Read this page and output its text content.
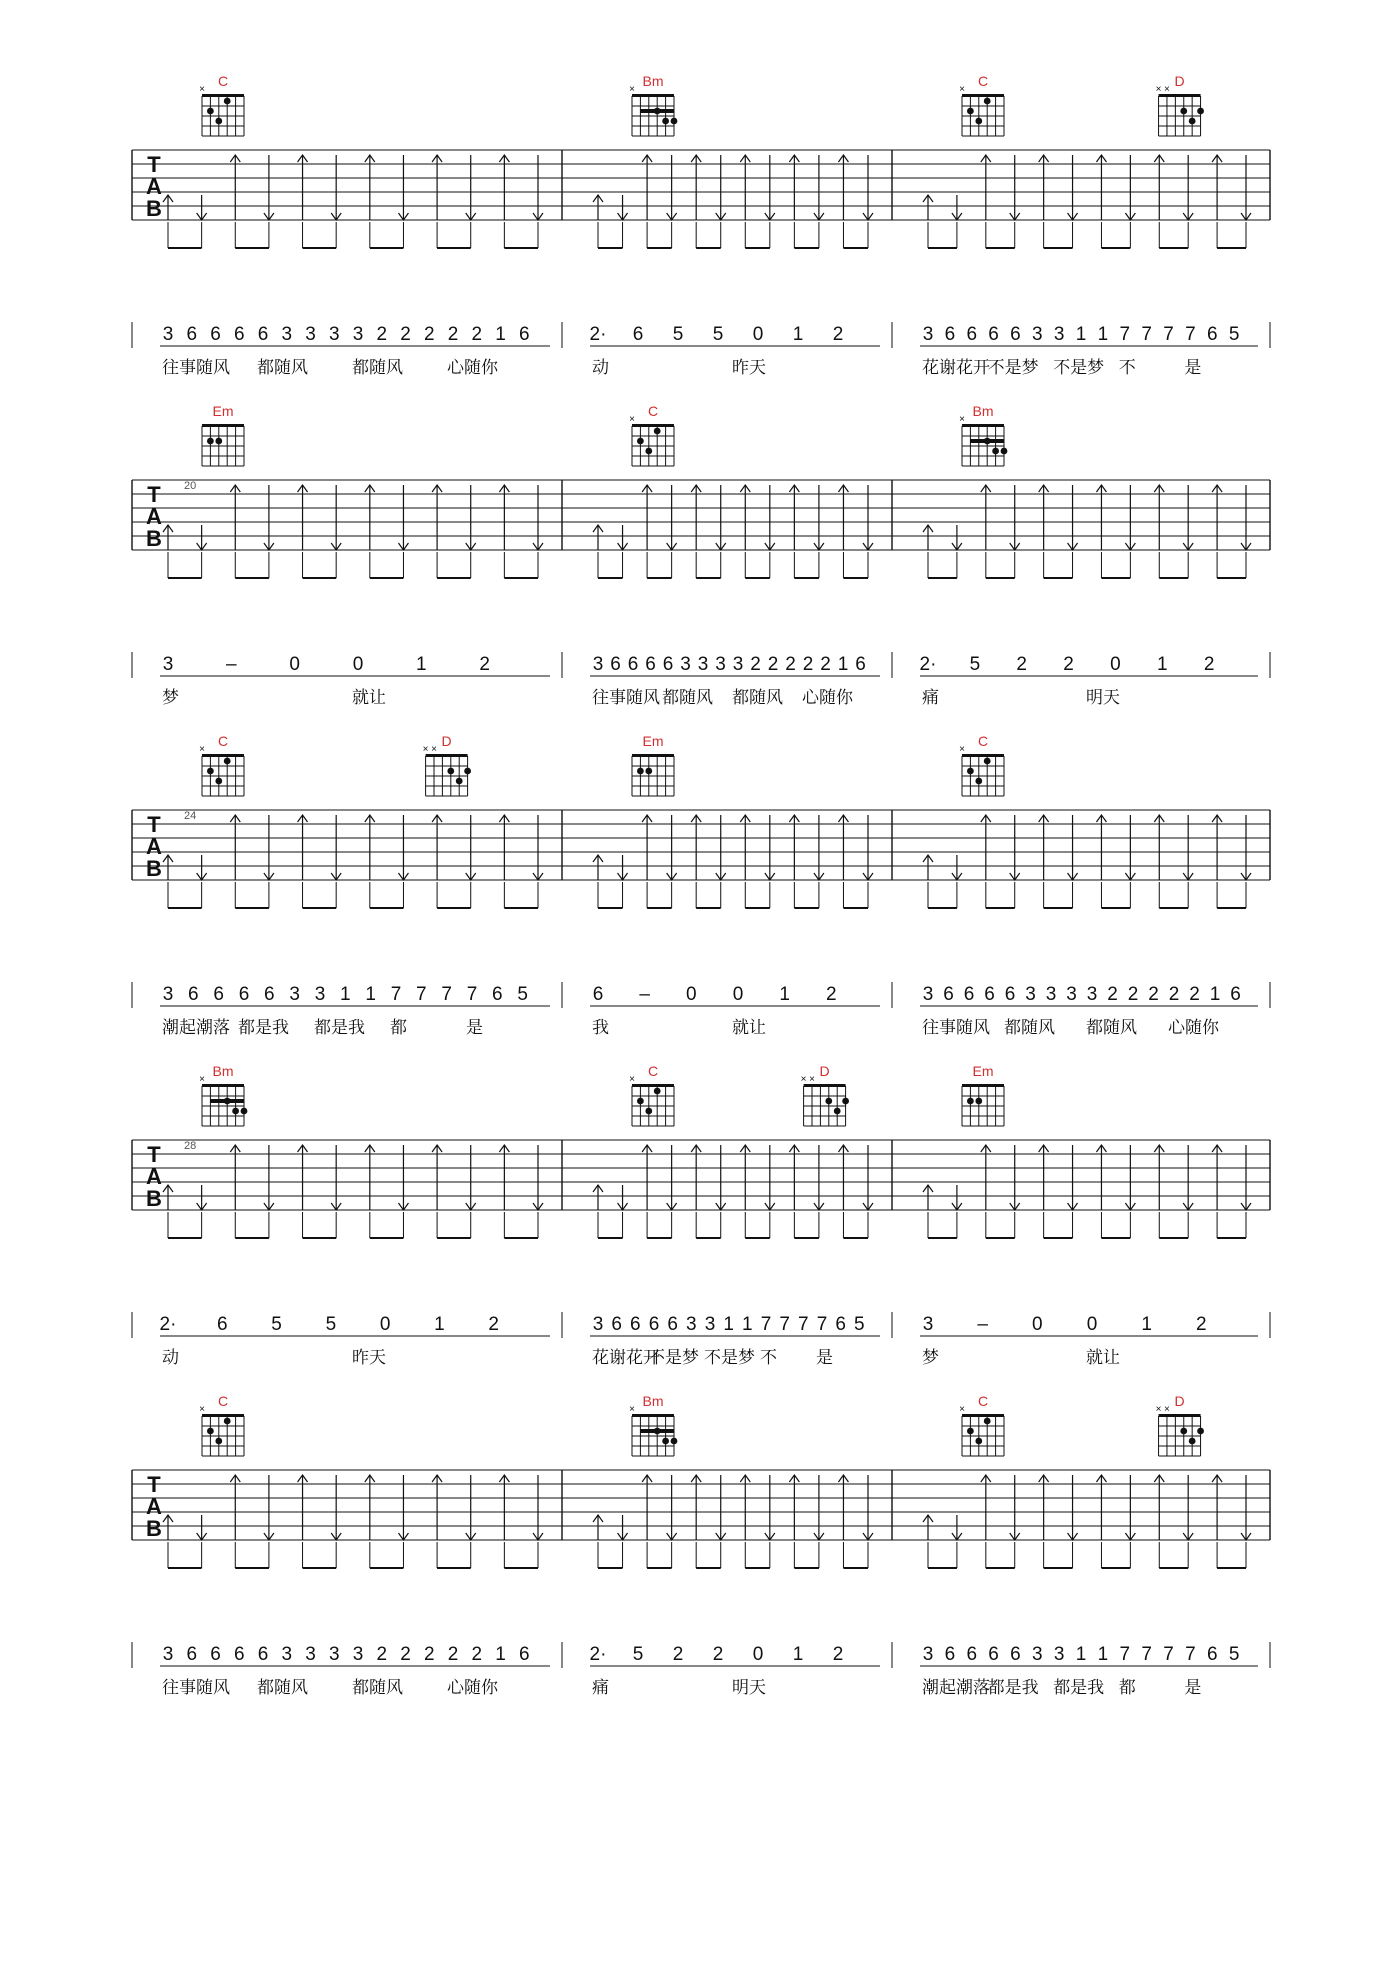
T
A
B
C
×
3 6 6 6 6 3 3 3 3 2 2 2 2 2 1 6
往事随风 都随风	都随风	心随你
Bm
×
2· 6 5 5 0 1 2
动	昨天
C
×
D
× ×
3 6 6 6 6 3 3 1 1 7 7 7 7 6 5
花谢花开
不是梦 不是梦 不	是
T
A
B
20
Em
3	–	0	0	1	2
梦	就让
C
×
3 6 6 6 6 3 3 3 3 2 2 2 2 2 1 6
往事随风 都随风 都随风 心随你
Bm
×
2· 5 2 2 0 1 2
痛	明天
T
A
B
24
C
×
D
× ×
3 6 6 6 6 3 3 1 1 7 7 7 7 6 5
潮起潮落 都是我 都是我 都	是
Em
6 – 0 0 1 2
我	就让
C
×
3 6 6 6 6 3 3 3 3 2 2 2 2 2 1 6
往事随风 都随风 都随风 心随你
T
A
B
28
Bm
×
2· 6 5 5 0 1 2
动	昨天
C
×
D
× ×
3 6 6 6 6 3 3 1 1 7 7 7 7 6 5
花谢花开
不是梦 不是梦 不 是
Em
3 – 0 0 1 2
梦	就让
T
A
B
C
×
3 6 6 6 6 3 3 3 3 2 2 2 2 2 1 6
往事随风 都随风	都随风	心随你
Bm
×
2· 5 2 2 0 1 2
痛	明天
C
×
D
× ×
3 6 6 6 6 3 3 1 1 7 7 7 7 6 5
潮起潮落
都是我 都是我 都	是
